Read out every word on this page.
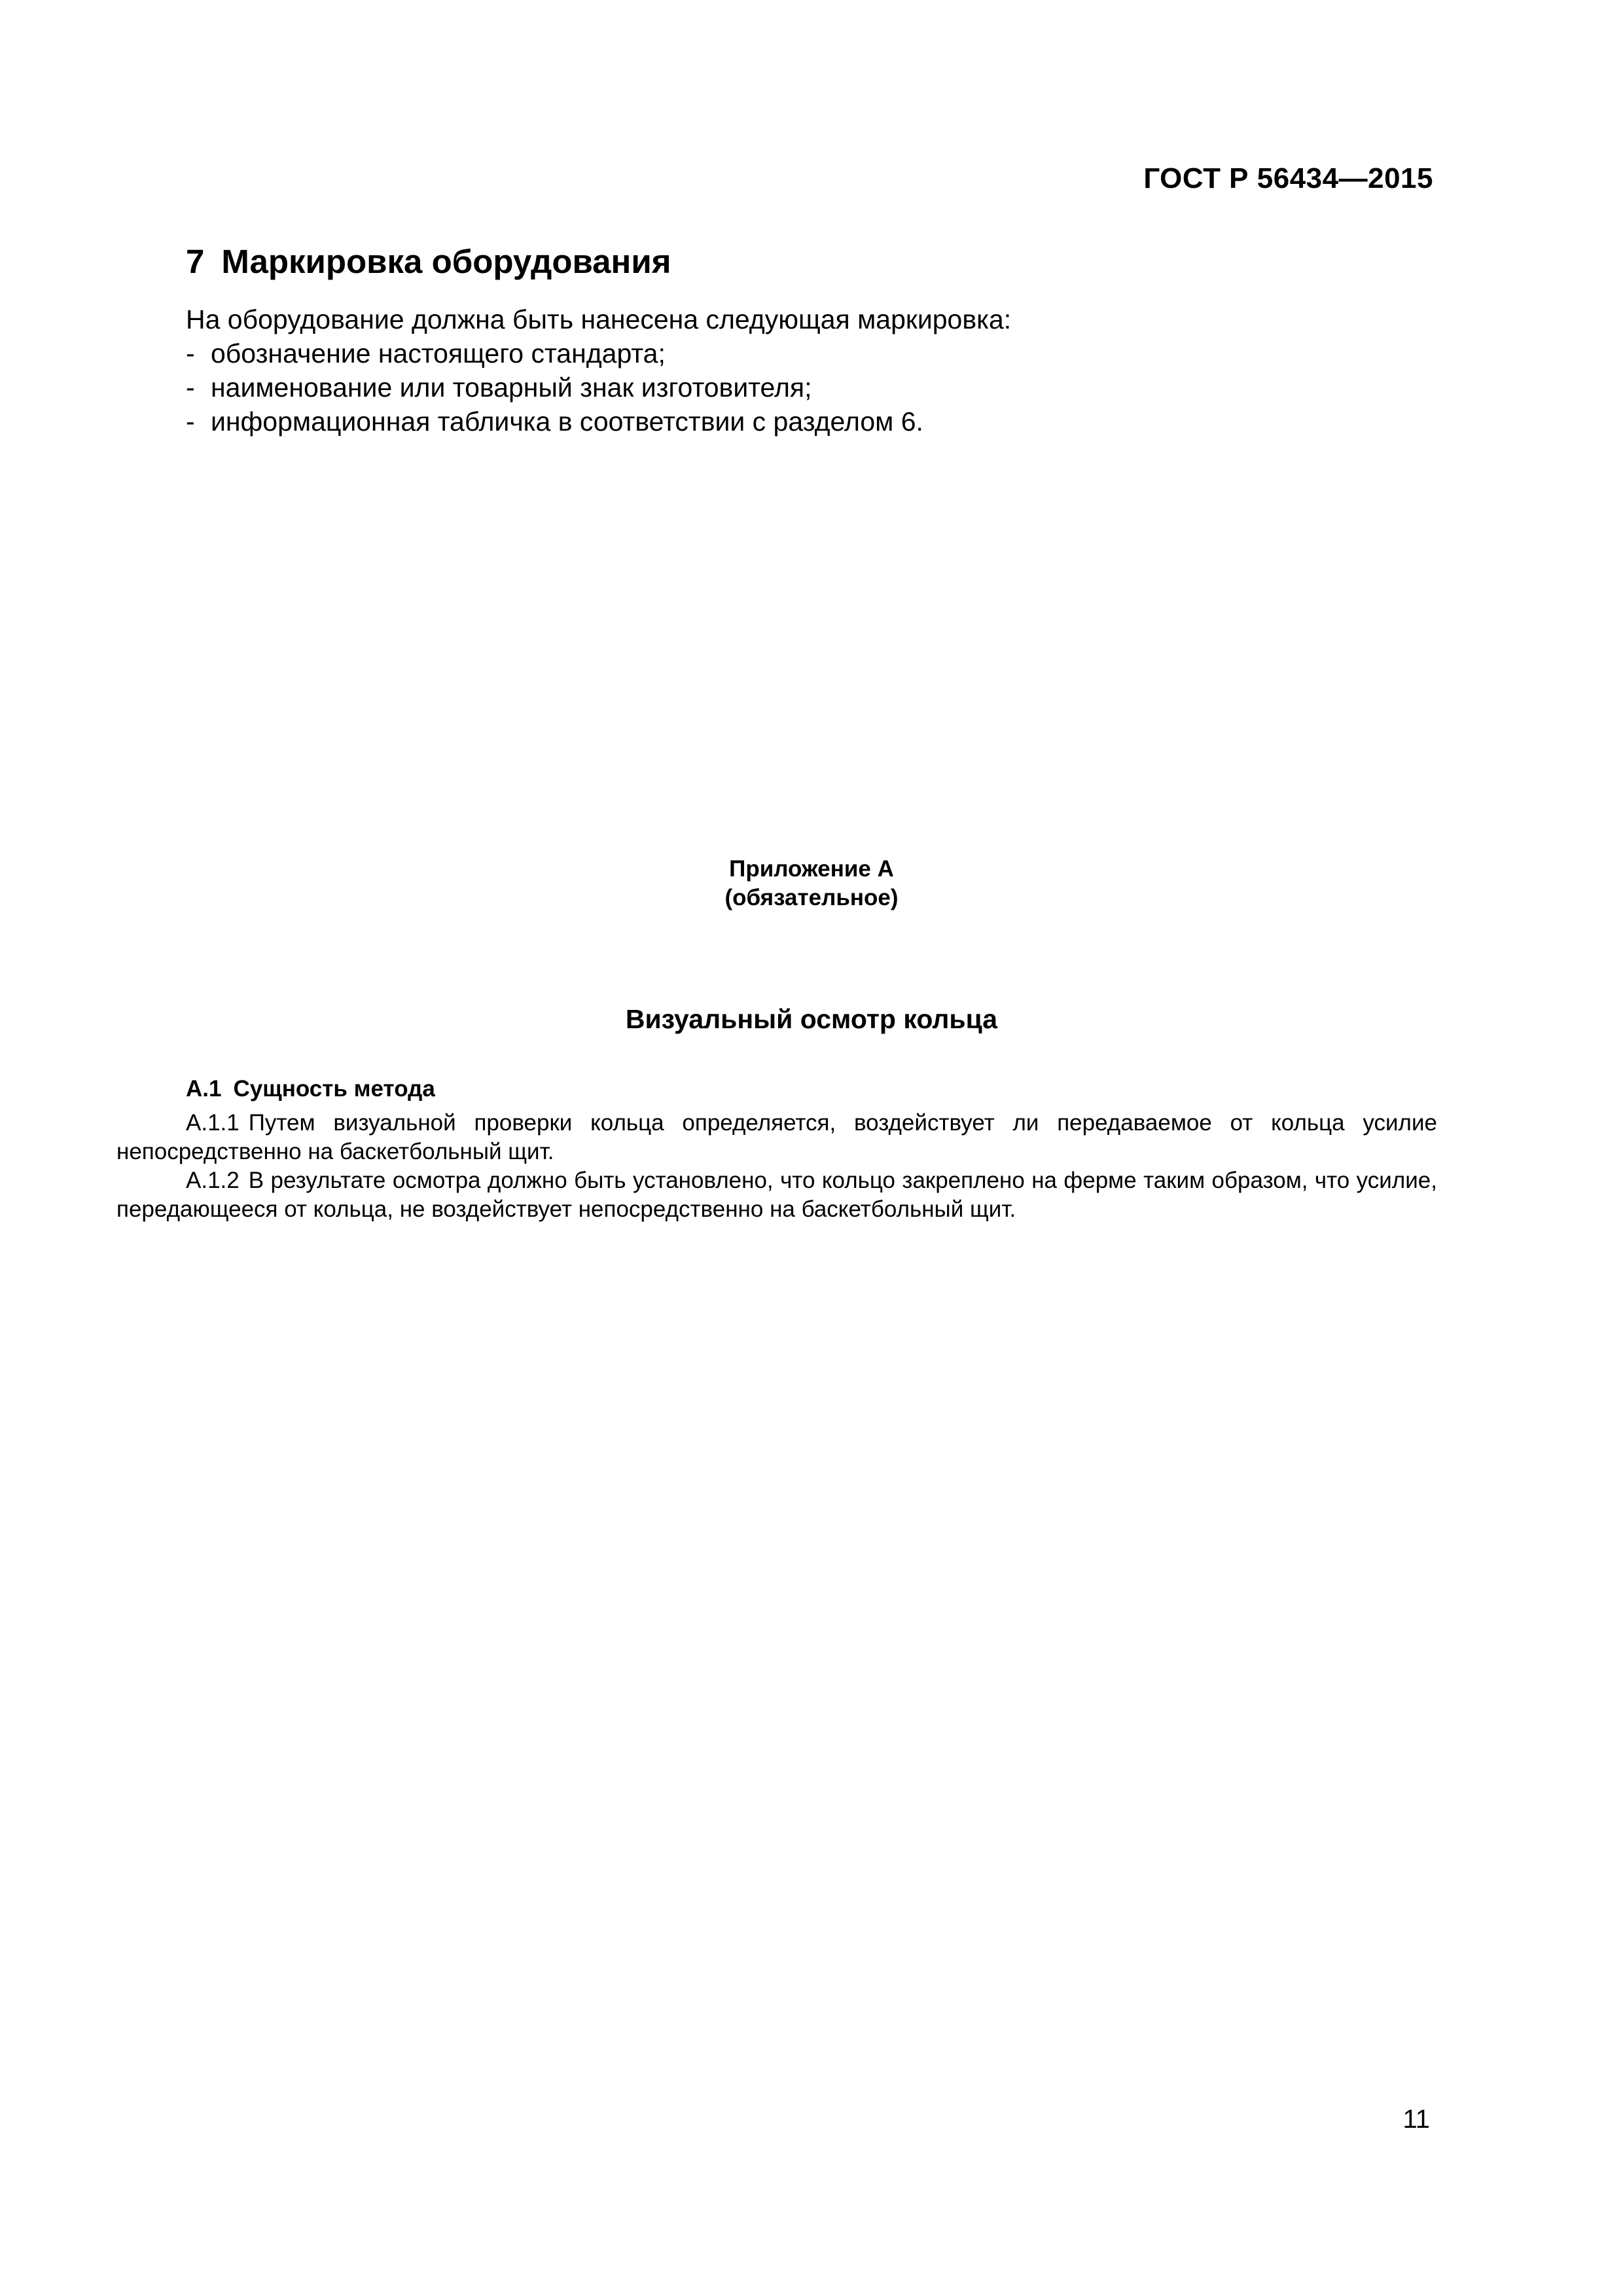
ГОСТ Р 56434—2015
7 Маркировка оборудования

На оборудование должна быть нанесена следующая маркировка:

- обозначение настоящего стандарта;
- наименование или товарный знак изготовителя;
- информационная табличка в соответствии с разделом 6.

Приложение А

(обязательное)

Визуальный осмотр кольца
А.1 Сущность метода

А.1.1 Путем визуальной проверки кольца определяется, воздействует ли передаваемое от кольца усилие непосредственно на баскетбольный щит.

А.1.2 В результате осмотра должно быть установлено, что кольцо закреплено на ферме таким образом, что усилие, передающееся от кольца, не воздействует непосредственно на баскетбольный щит.

11
